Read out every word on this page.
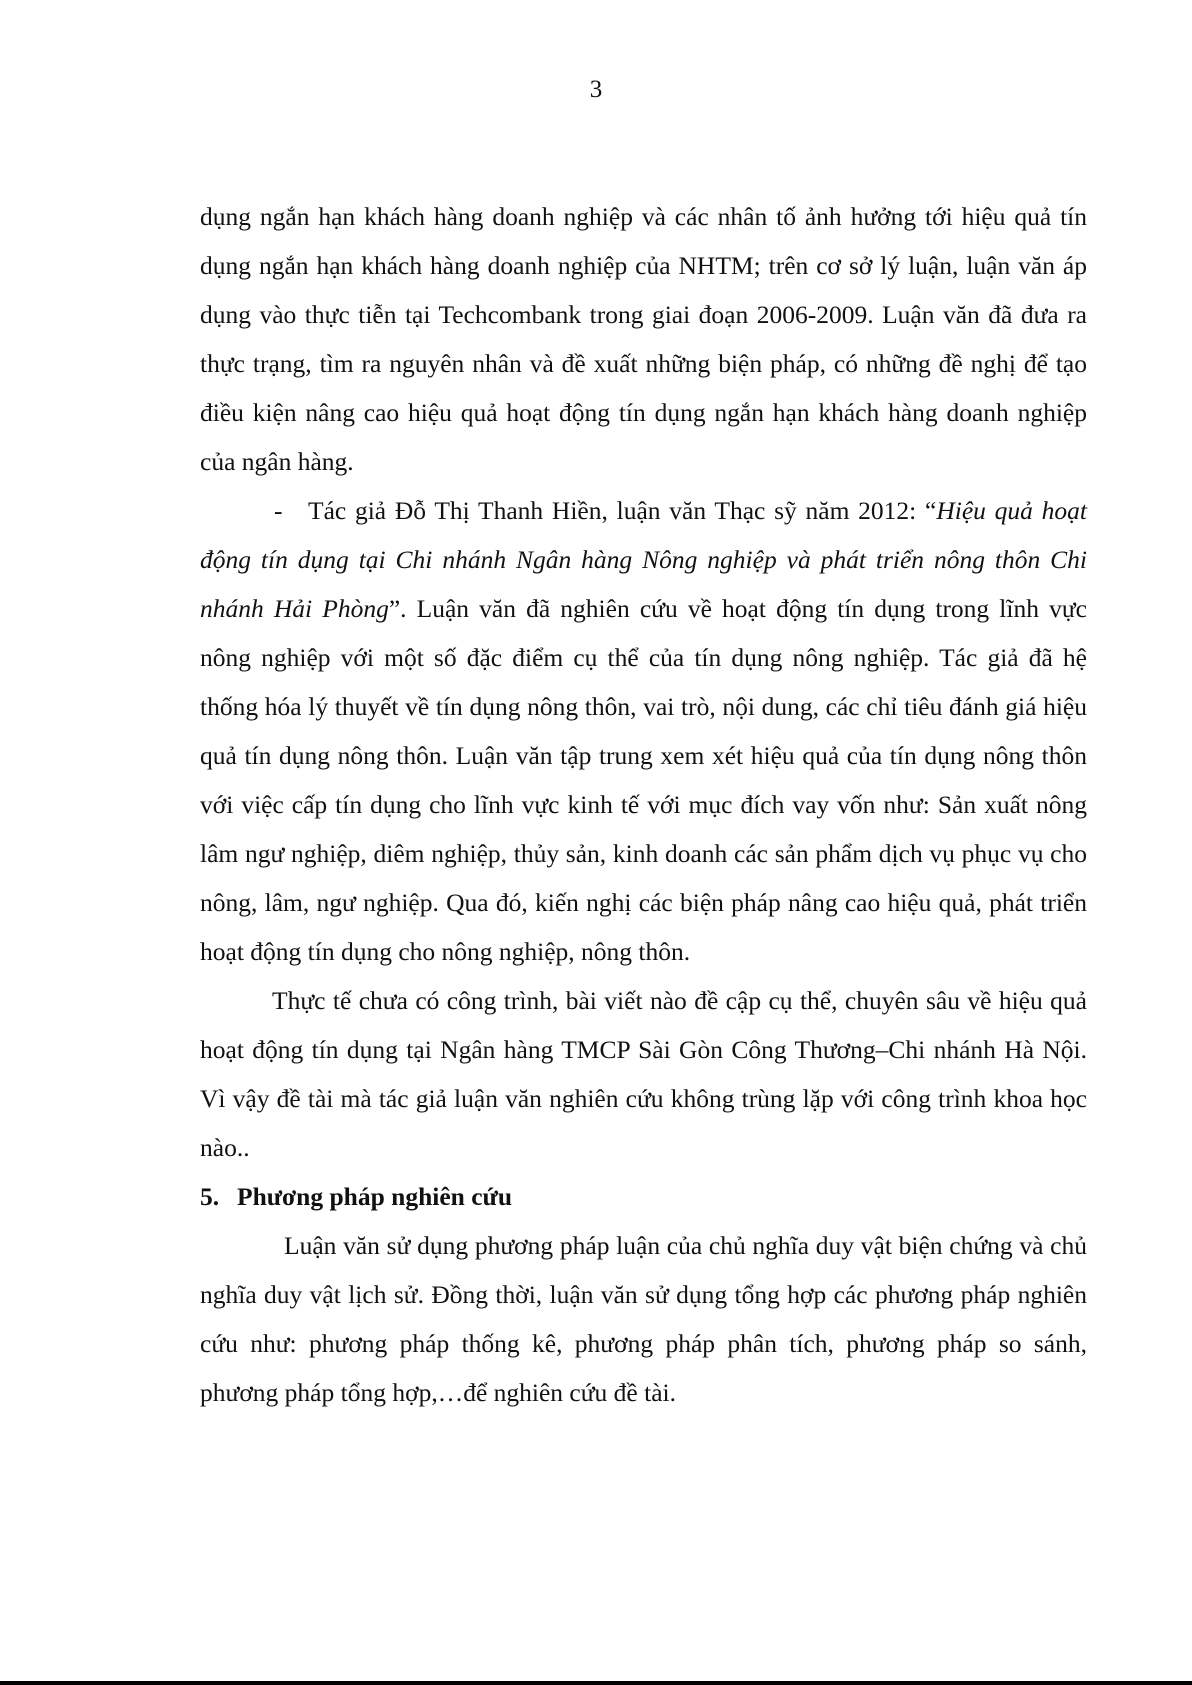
3

dụng ngắn hạn khách hàng doanh nghiệp và các nhân tố ảnh hưởng tới hiệu quả tín dụng ngắn hạn khách hàng doanh nghiệp của NHTM; trên cơ sở lý luận, luận văn áp dụng vào thực tiễn tại Techcombank trong giai đoạn 2006-2009. Luận văn đã đưa ra thực trạng, tìm ra nguyên nhân và đề xuất những biện pháp, có những đề nghị để tạo điều kiện nâng cao hiệu quả hoạt động tín dụng ngắn hạn khách hàng doanh nghiệp của ngân hàng.

- Tác giả Đỗ Thị Thanh Hiền, luận văn Thạc sỹ năm 2012: “Hiệu quả hoạt động tín dụng tại Chi nhánh Ngân hàng Nông nghiệp và phát triển nông thôn Chi nhánh Hải Phòng”. Luận văn đã nghiên cứu về hoạt động tín dụng trong lĩnh vực nông nghiệp với một số đặc điểm cụ thể của tín dụng nông nghiệp. Tác giả đã hệ thống hóa lý thuyết về tín dụng nông thôn, vai trò, nội dung, các chỉ tiêu đánh giá hiệu quả tín dụng nông thôn. Luận văn tập trung xem xét hiệu quả của tín dụng nông thôn với việc cấp tín dụng cho lĩnh vực kinh tế với mục đích vay vốn như: Sản xuất nông lâm ngư nghiệp, diêm nghiệp, thủy sản, kinh doanh các sản phẩm dịch vụ phục vụ cho nông, lâm, ngư nghiệp. Qua đó, kiến nghị các biện pháp nâng cao hiệu quả, phát triển hoạt động tín dụng cho nông nghiệp, nông thôn.

Thực tế chưa có công trình, bài viết nào đề cập cụ thể, chuyên sâu về hiệu quả hoạt động tín dụng tại Ngân hàng TMCP Sài Gòn Công Thương–Chi nhánh Hà Nội. Vì vậy đề tài mà tác giả luận văn nghiên cứu không trùng lặp với công trình khoa học nào..

5. Phương pháp nghiên cứu

Luận văn sử dụng phương pháp luận của chủ nghĩa duy vật biện chứng và chủ nghĩa duy vật lịch sử. Đồng thời, luận văn sử dụng tổng hợp các phương pháp nghiên cứu như: phương pháp thống kê, phương pháp phân tích, phương pháp so sánh, phương pháp tổng hợp,…để nghiên cứu đề tài.
